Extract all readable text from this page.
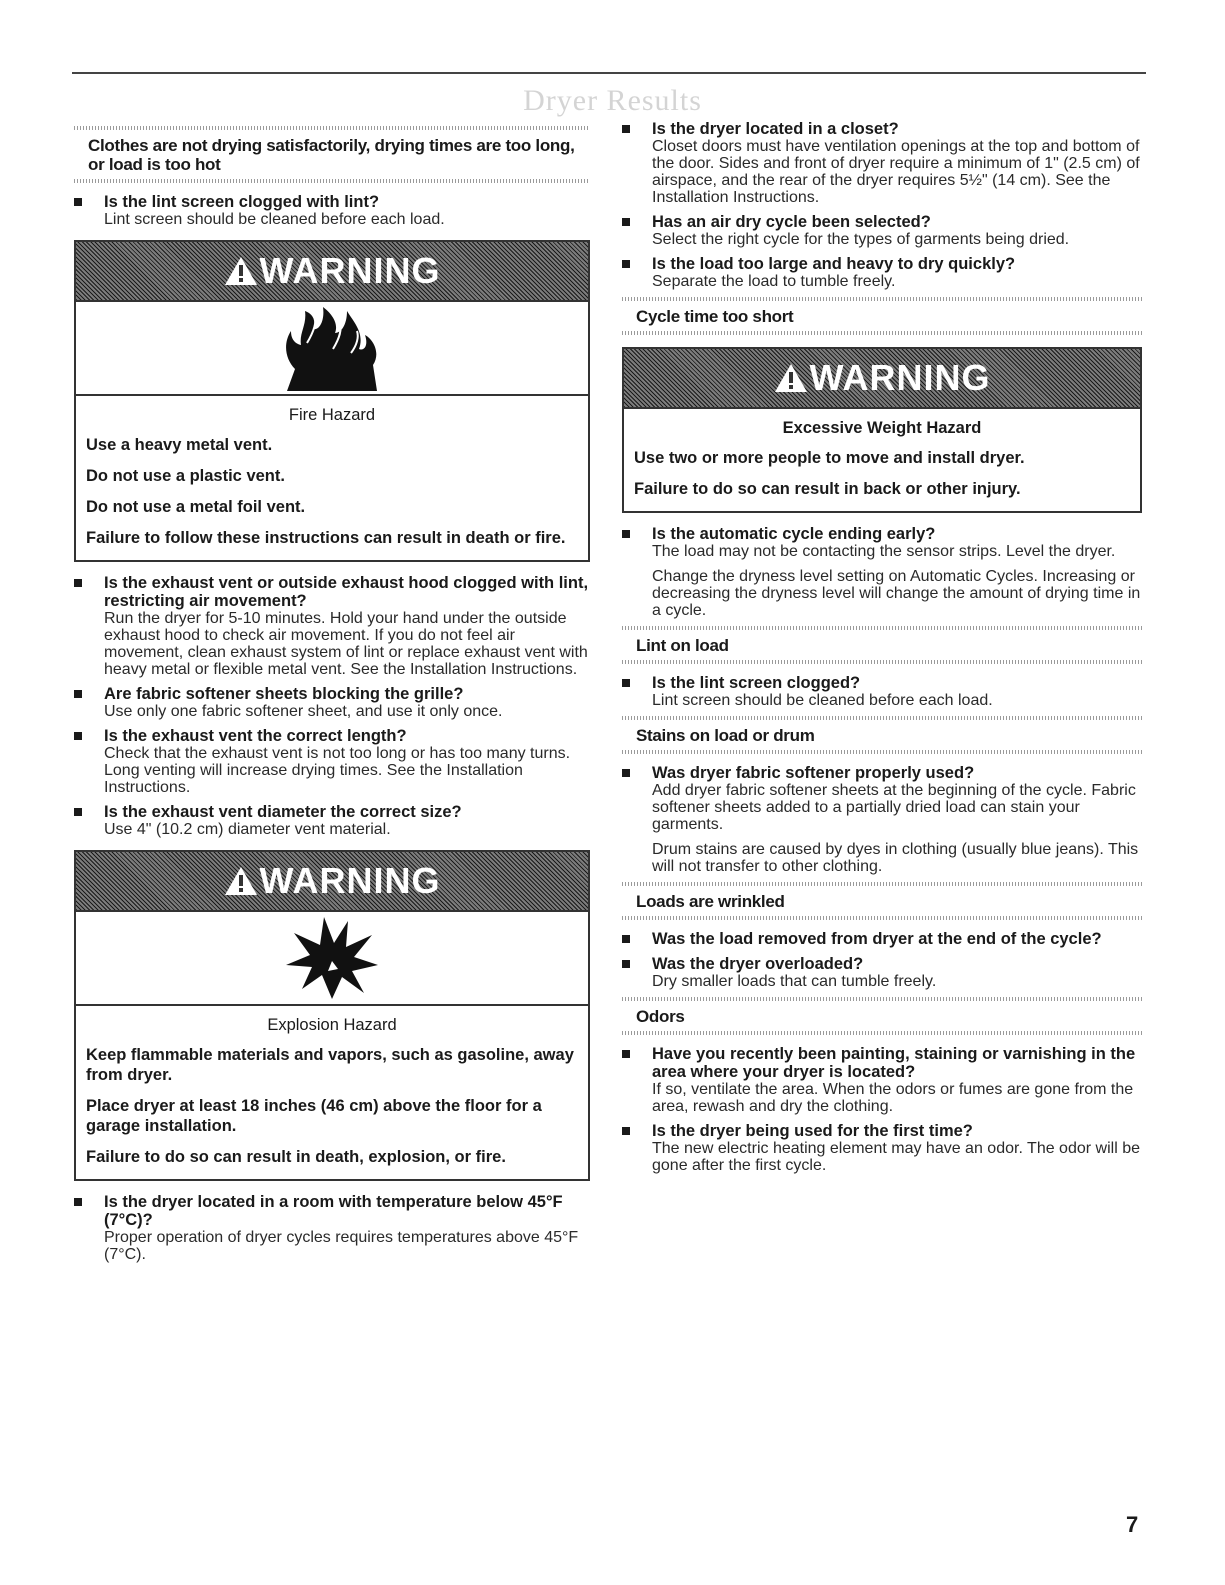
Dryer Results
Clothes are not drying satisfactorily, drying times are too long, or load is too hot
Is the lint screen clogged with lint?
Lint screen should be cleaned before each load.
WARNING
Fire Hazard
Use a heavy metal vent.
Do not use a plastic vent.
Do not use a metal foil vent.
Failure to follow these instructions can result in death or fire.
Is the exhaust vent or outside exhaust hood clogged with lint, restricting air movement?
Run the dryer for 5-10 minutes. Hold your hand under the outside exhaust hood to check air movement. If you do not feel air movement, clean exhaust system of lint or replace exhaust vent with heavy metal or flexible metal vent. See the Installation Instructions.
Are fabric softener sheets blocking the grille?
Use only one fabric softener sheet, and use it only once.
Is the exhaust vent the correct length?
Check that the exhaust vent is not too long or has too many turns. Long venting will increase drying times. See the Installation Instructions.
Is the exhaust vent diameter the correct size?
Use 4" (10.2 cm) diameter vent material.
WARNING
Explosion Hazard
Keep flammable materials and vapors, such as gasoline, away from dryer.
Place dryer at least 18 inches (46 cm) above the floor for a garage installation.
Failure to do so can result in death, explosion, or fire.
Is the dryer located in a room with temperature below 45°F (7°C)?
Proper operation of dryer cycles requires temperatures above 45°F (7°C).
Is the dryer located in a closet?
Closet doors must have ventilation openings at the top and bottom of the door. Sides and front of dryer require a minimum of 1" (2.5 cm) of airspace, and the rear of the dryer requires 5½" (14 cm). See the Installation Instructions.
Has an air dry cycle been selected?
Select the right cycle for the types of garments being dried.
Is the load too large and heavy to dry quickly?
Separate the load to tumble freely.
Cycle time too short
WARNING
Excessive Weight Hazard
Use two or more people to move and install dryer.
Failure to do so can result in back or other injury.
Is the automatic cycle ending early?
The load may not be contacting the sensor strips. Level the dryer.
Change the dryness level setting on Automatic Cycles. Increasing or decreasing the dryness level will change the amount of drying time in a cycle.
Lint on load
Is the lint screen clogged?
Lint screen should be cleaned before each load.
Stains on load or drum
Was dryer fabric softener properly used?
Add dryer fabric softener sheets at the beginning of the cycle. Fabric softener sheets added to a partially dried load can stain your garments.
Drum stains are caused by dyes in clothing (usually blue jeans). This will not transfer to other clothing.
Loads are wrinkled
Was the load removed from dryer at the end of the cycle?
Was the dryer overloaded?
Dry smaller loads that can tumble freely.
Odors
Have you recently been painting, staining or varnishing in the area where your dryer is located?
If so, ventilate the area. When the odors or fumes are gone from the area, rewash and dry the clothing.
Is the dryer being used for the first time?
The new electric heating element may have an odor. The odor will be gone after the first cycle.
7
